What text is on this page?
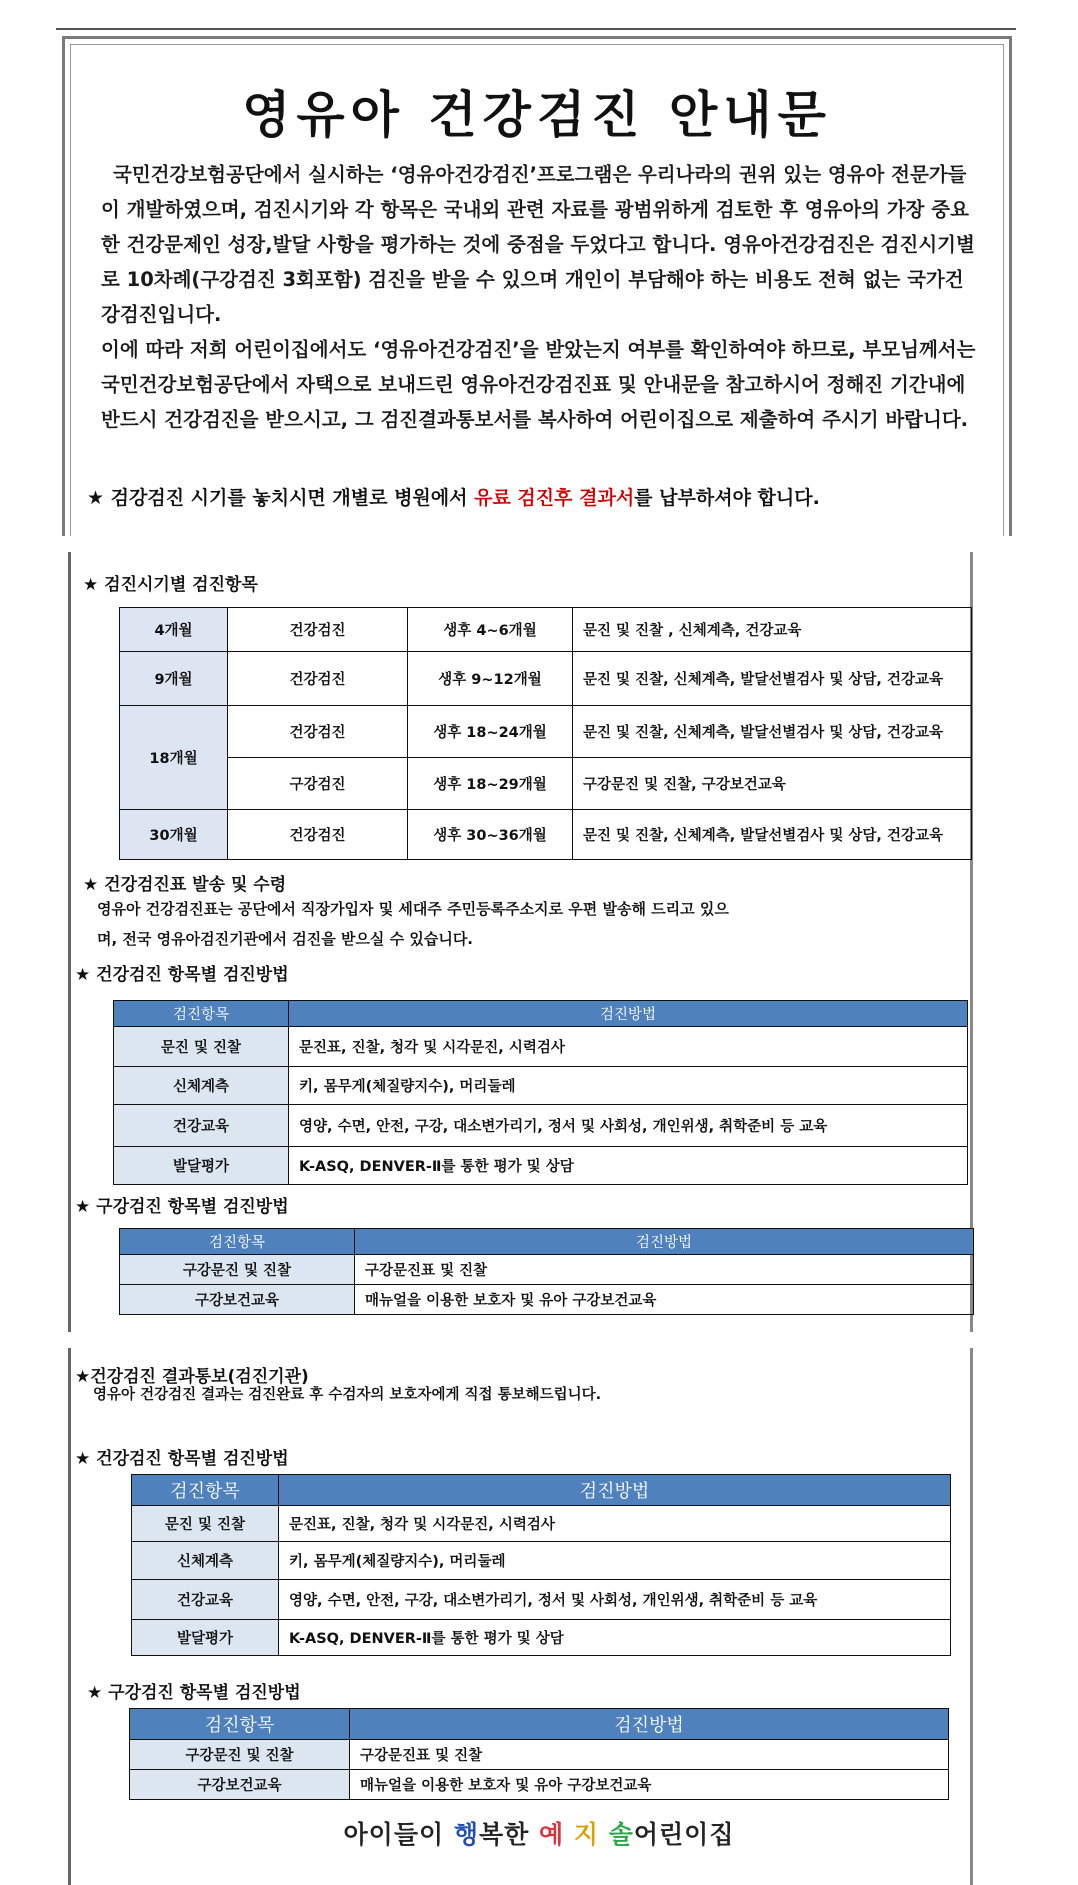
영유아 건강검진 안내문

국민건강보험공단에서 실시하는 ‘영유아건강검진’프로그램은 우리나라의 권위 있는 영유아 전문가들이 개발하였으며, 검진시기와 각 항목은 국내외 관련 자료를 광범위하게 검토한 후 영유아의 가장 중요한 건강문제인 성장,발달 사항을 평가하는 것에 중점을 두었다고 합니다. 영유아건강검진은 검진시기별로 10차례(구강검진 3회포함) 검진을 받을 수 있으며 개인이 부담해야 하는 비용도 전혀 없는 국가건강검진입니다.

이에 따라 저희 어린이집에서도 ‘영유아건강검진’을 받았는지 여부를 확인하여야 하므로, 부모님께서는 국민건강보험공단에서 자택으로 보내드린 영유아건강검진표 및 안내문을 참고하시어 정해진 기간내에 반드시 건강검진을 받으시고, 그 검진결과통보서를 복사하여 어린이집으로 제출하여 주시기 바랍니다.

★ 검강검진 시기를 놓치시면 개별로 병원에서 유료 검진후 결과서를 납부하셔야 합니다.
★ 검진시기별 검진항목
4개월	건강검진	생후 4~6개월	문진 및 진찰 , 신체계측, 건강교육
9개월	건강검진	생후 9~12개월	문진 및 진찰, 신체계측, 발달선별검사 및 상담, 건강교육
18개월	건강검진	생후 18~24개월	문진 및 진찰, 신체계측, 발달선별검사 및 상담, 건강교육
	구강검진	생후 18~29개월	구강문진 및 진찰, 구강보건교육
30개월	건강검진	생후 30~36개월	문진 및 진찰, 신체계측, 발달선별검사 및 상담, 건강교육
★ 건강검진표 발송 및 수령
영유아 건강검진표는 공단에서 직장가입자 및 세대주 주민등록주소지로 우편 발송해 드리고 있으
며, 전국 영유아검진기관에서 검진을 받으실 수 있습니다.
★ 건강검진 항목별 검진방법
검진항목	검진방법
문진 및 진찰	문진표, 진찰, 청각 및 시각문진, 시력검사
신체계측	키, 몸무게(체질량지수), 머리둘레
건강교육	영양, 수면, 안전, 구강, 대소변가리기, 정서 및 사회성, 개인위생, 취학준비 등 교육
발달평가	K-ASQ, DENVER-Ⅱ를 통한 평가 및 상담
★ 구강검진 항목별 검진방법
검진항목	검진방법
구강문진 및 진찰	구강문진표 및 진찰
구강보건교육	매뉴얼을 이용한 보호자 및 유아 구강보건교육
★건강검진 결과통보(검진기관)
영유아 건강검진 결과는 검진완료 후 수검자의 보호자에게 직접 통보해드립니다.
★ 건강검진 항목별 검진방법
검진항목	검진방법
문진 및 진찰	문진표, 진찰, 청각 및 시각문진, 시력검사
신체계측	키, 몸무게(체질량지수), 머리둘레
건강교육	영양, 수면, 안전, 구강, 대소변가리기, 정서 및 사회성, 개인위생, 취학준비 등 교육
발달평가	K-ASQ, DENVER-Ⅱ를 통한 평가 및 상담
★ 구강검진 항목별 검진방법
검진항목	검진방법
구강문진 및 진찰	구강문진표 및 진찰
구강보건교육	매뉴얼을 이용한 보호자 및 유아 구강보건교육
아이들이 행복한 예 지 솔어린이집
